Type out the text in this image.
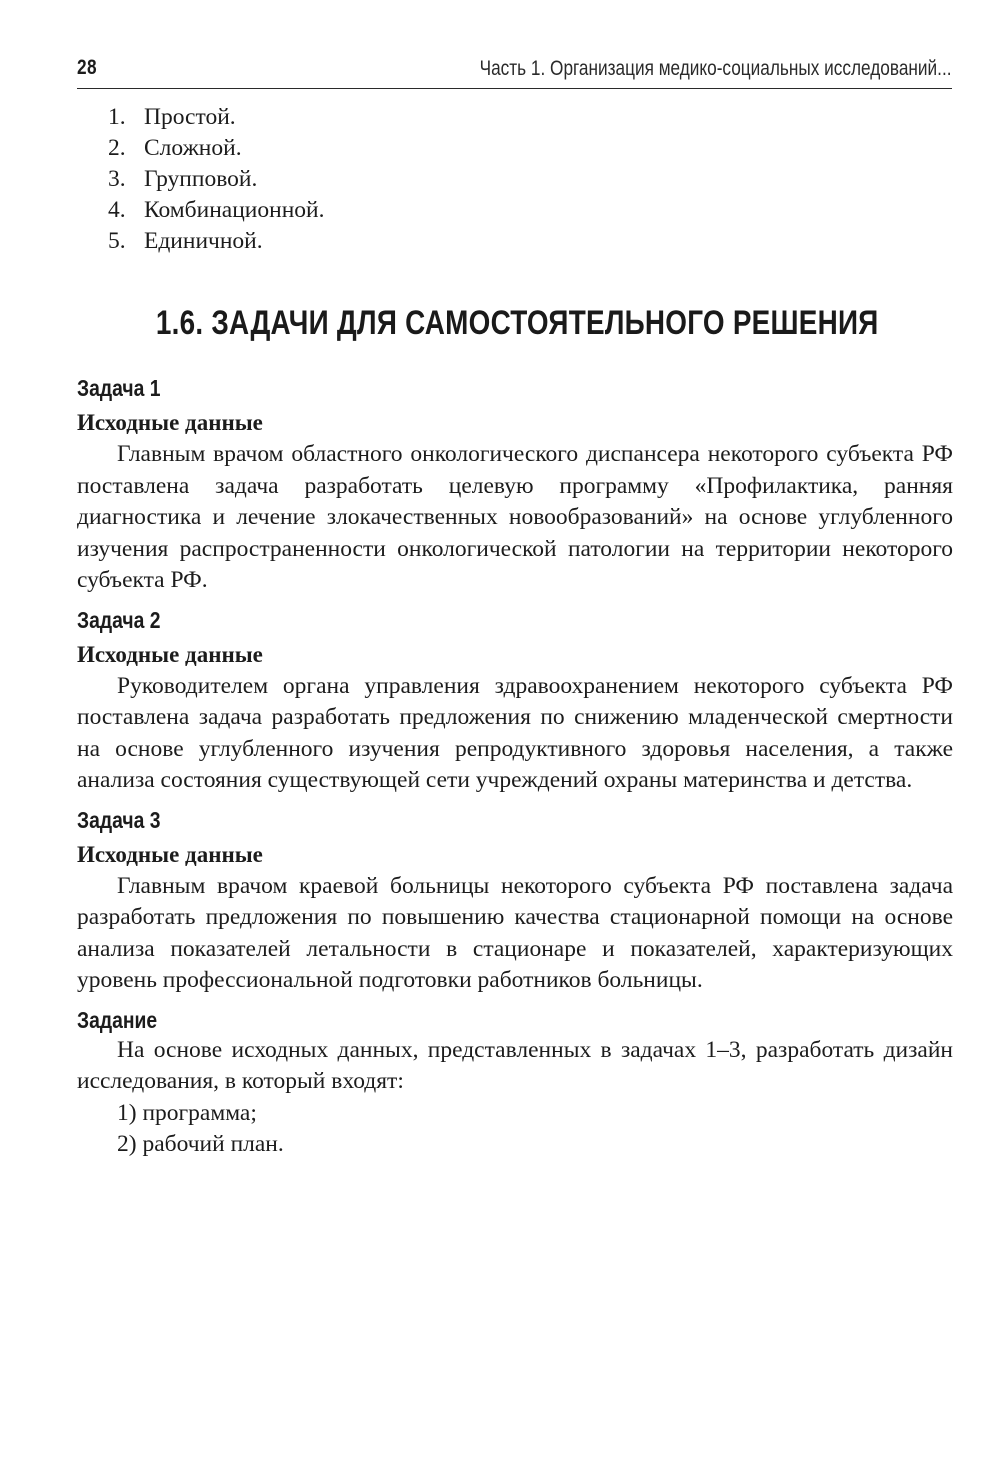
28	Часть 1. Организация медико-социальных исследований...
1. Простой.
2. Сложной.
3. Групповой.
4. Комбинационной.
5. Единичной.
1.6. ЗАДАЧИ ДЛЯ САМОСТОЯТЕЛЬНОГО РЕШЕНИЯ
Задача 1
Исходные данные

Главным врачом областного онкологического диспансера некоторого субъекта РФ поставлена задача разработать целевую программу «Профилактика, ранняя диагностика и лечение злокачественных новообразований» на основе углубленного изучения распространенности онкологической патологии на территории некоторого субъекта РФ.

Задача 2
Исходные данные

Руководителем органа управления здравоохранением некоторого субъекта РФ поставлена задача разработать предложения по снижению младенческой смертности на основе углубленного изучения репродуктивного здоровья населения, а также анализа состояния существующей сети учреждений охраны материнства и детства.

Задача 3
Исходные данные

Главным врачом краевой больницы некоторого субъекта РФ поставлена задача разработать предложения по повышению качества стационарной помощи на основе анализа показателей летальности в стационаре и показателей, характеризующих уровень профессиональной подготовки работников больницы.

Задание

На основе исходных данных, представленных в задачах 1–3, разработать дизайн исследования, в который входят:

1) программа;
2) рабочий план.
